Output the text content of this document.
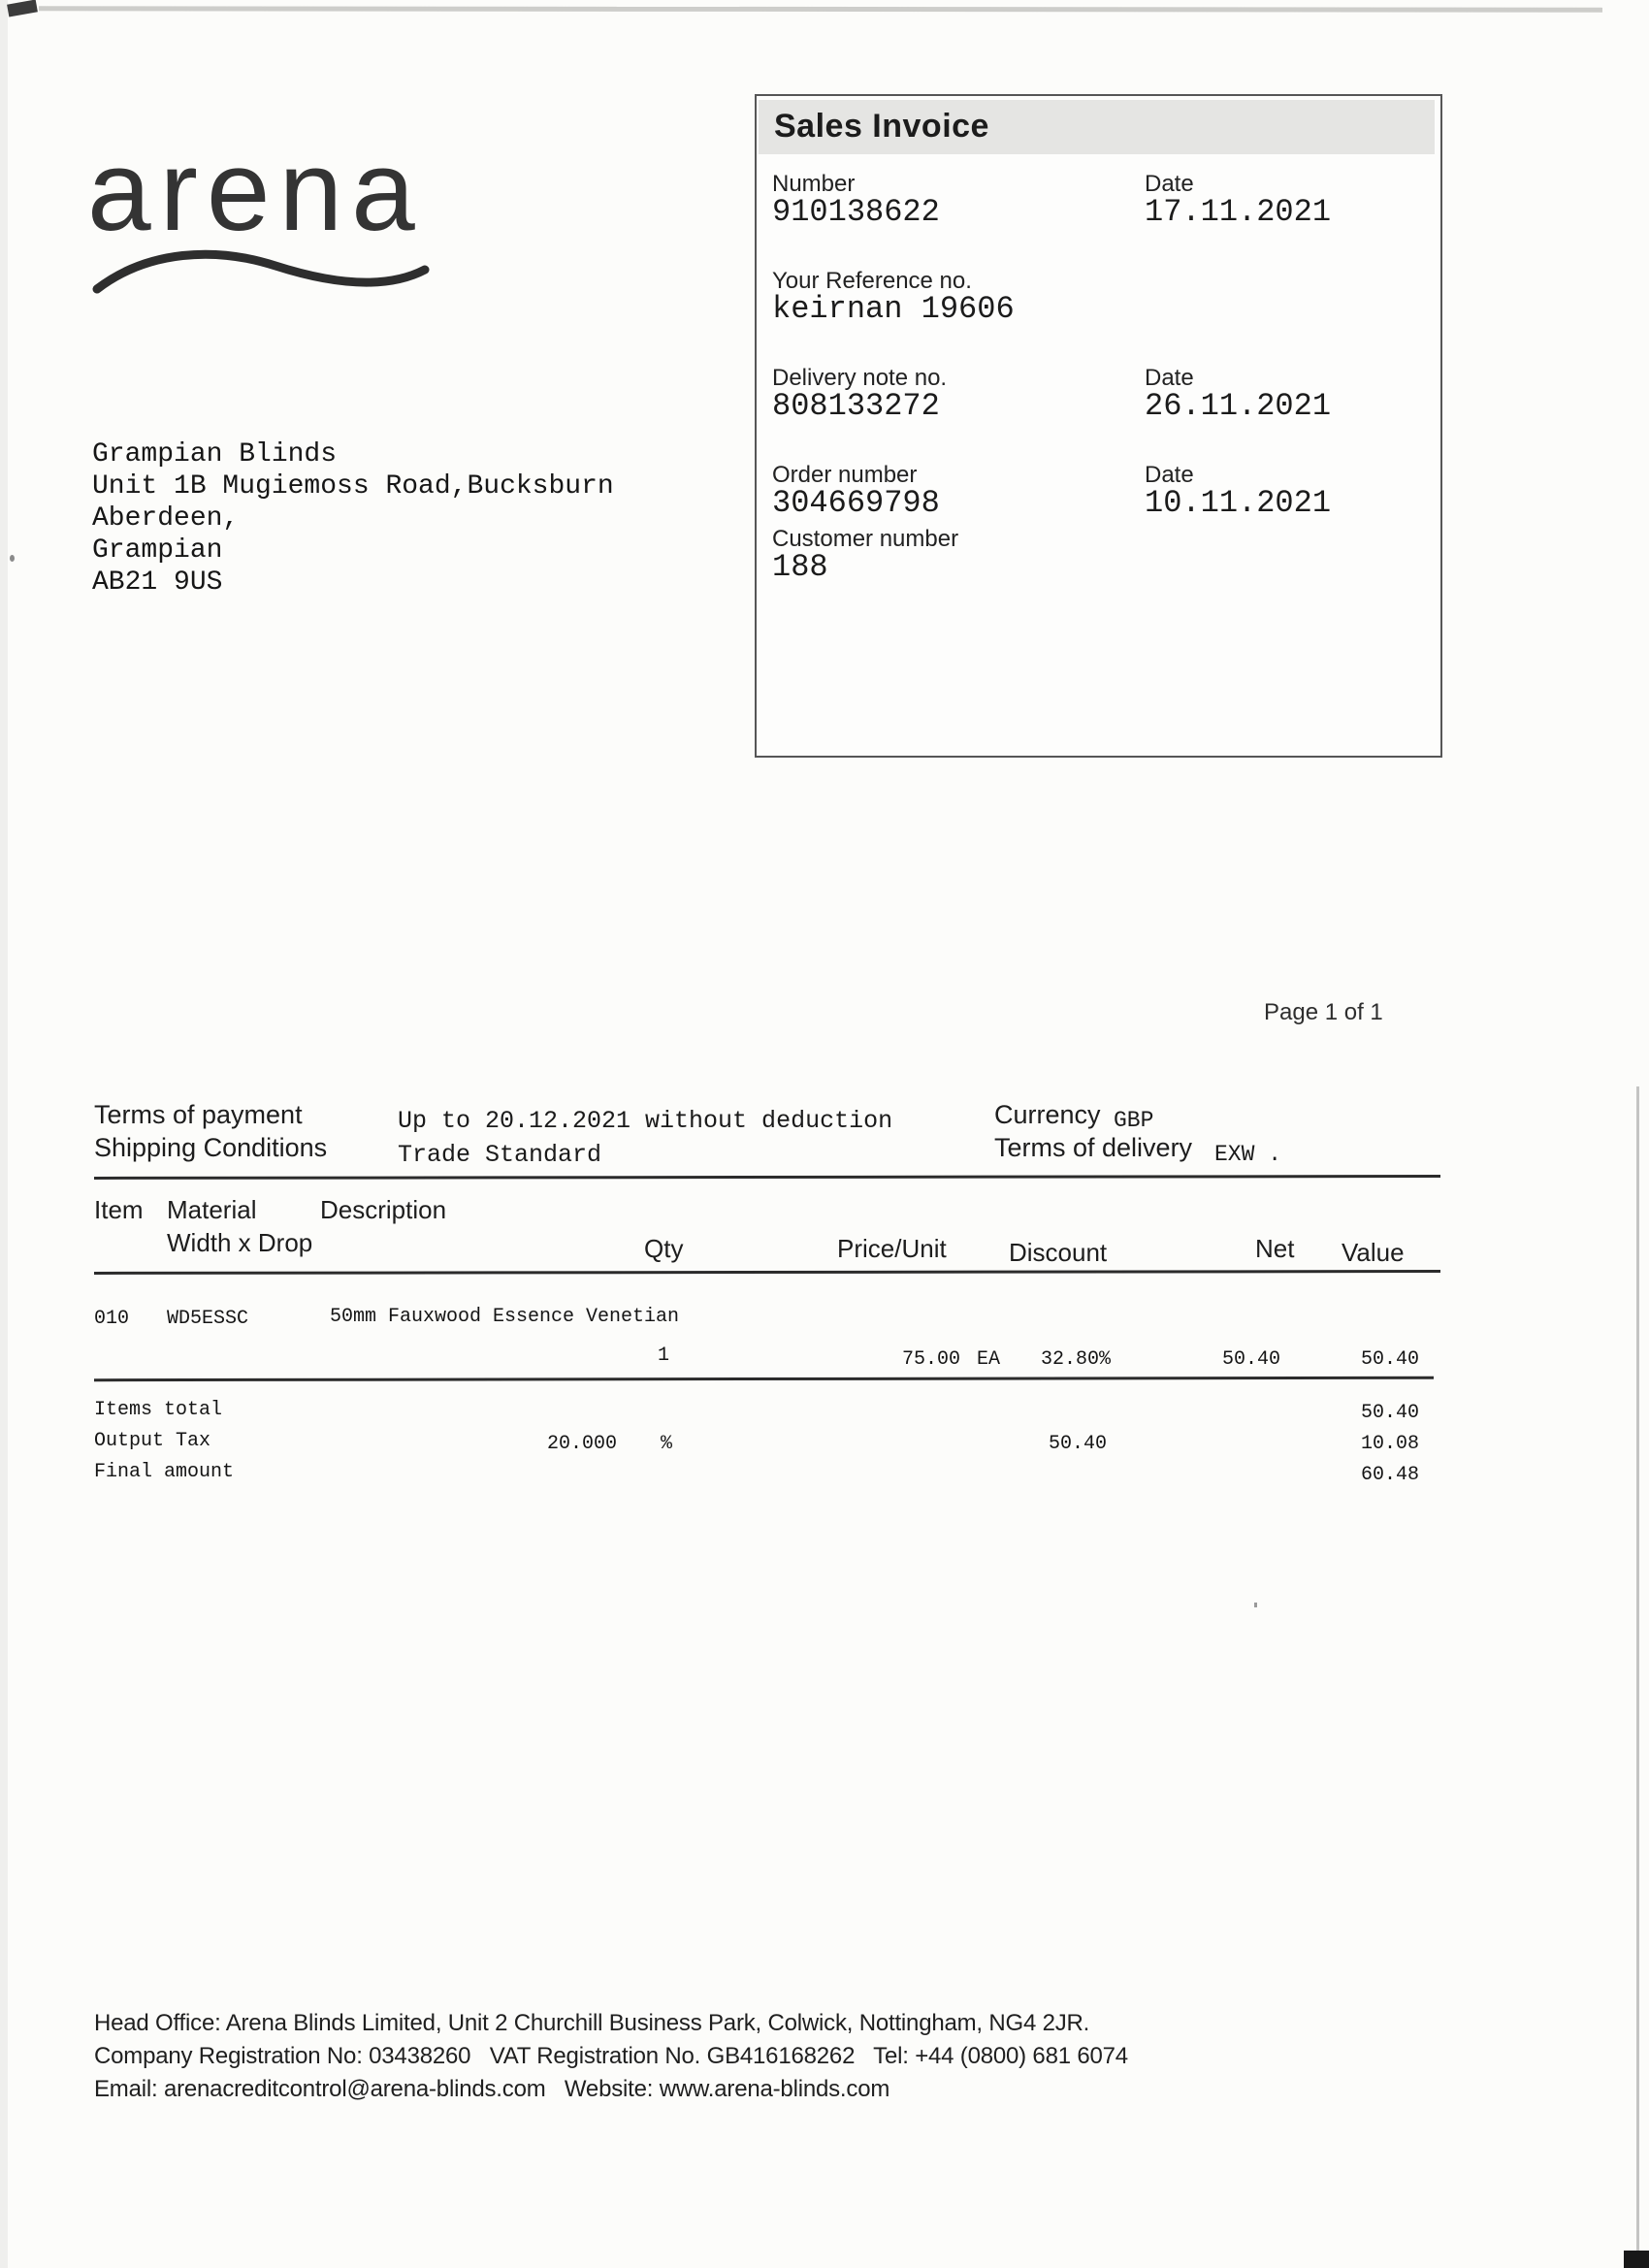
arena
Grampian Blinds
Unit 1B Mugiemoss Road,Bucksburn
Aberdeen,
Grampian
AB21 9US
Sales Invoice
Number
910138622
Date
17.11.2021
Your Reference no.
keirnan 19606
Delivery note no.
808133272
Date
26.11.2021
Order number
304669798
Date
10.11.2021
Customer number
188
Page 1 of 1
Terms of payment	Up to 20.12.2021 without deduction
Shipping Conditions	Trade Standard
Currency GBP
Terms of delivery EXW .
Item Material	Description
Width x Drop	Qty	Price/Unit Discount	Net Value
010 WD5ESSC	50mm Fauxwood Essence Venetian
1	75.00 EA 32.80%	50.40	50.40
Items total	50.40
Output Tax	20.000 %	50.40	10.08
Final amount	60.48
Head Office: Arena Blinds Limited, Unit 2 Churchill Business Park, Colwick, Nottingham, NG4 2JR.
Company Registration No: 03438260   VAT Registration No. GB416168262   Tel: +44 (0800) 681 6074
Email: arenacreditcontrol@arena-blinds.com   Website: www.arena-blinds.com
